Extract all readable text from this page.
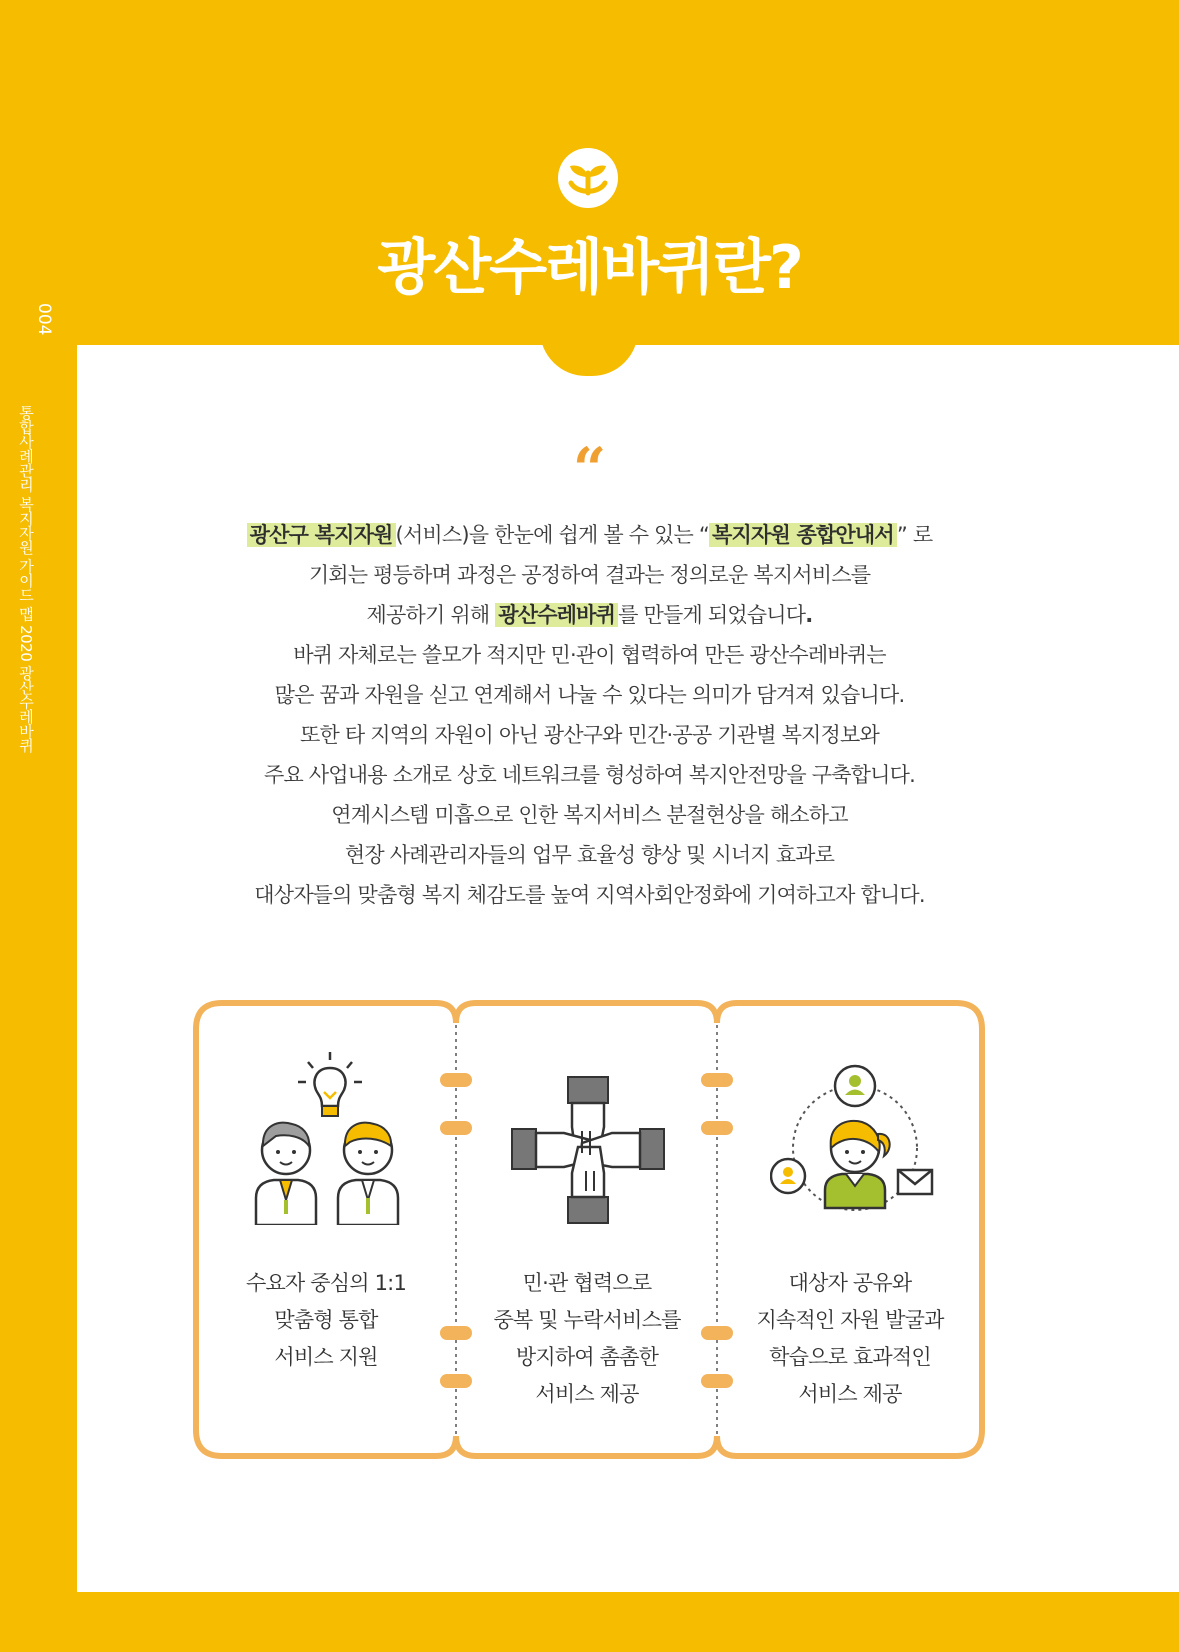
광산수레바퀴란?
004
통합사례관리 복지자원 가이드 맵 2020 광산수레바퀴	“
광산구 복지자원 (서비스)을 한눈에 쉽게 볼 수 있는 “ 복지자원 종합안내서 ” 로
기회는 평등하며 과정은 공정하여 결과는 정의로운 복지서비스를
제공하기 위해 광산수레바퀴 를 만들게 되었습니다.
바퀴 자체로는 쓸모가 적지만 민·관이 협력하여 만든 광산수레바퀴는
많은 꿈과 자원을 싣고 연계해서 나눌 수 있다는 의미가 담겨져 있습니다.
또한 타 지역의 자원이 아닌 광산구와 민간·공공 기관별 복지정보와
주요 사업내용 소개로 상호 네트워크를 형성하여 복지안전망을 구축합니다.
연계시스템 미흡으로 인한 복지서비스 분절현상을 해소하고
현장 사례관리자들의 업무 효율성 향상 및 시너지 효과로
대상자들의 맞춤형 복지 체감도를 높여 지역사회안정화에 기여하고자 합니다.
수요자 중심의 1:1
맞춤형 통합
서비스 지원
민·관 협력으로
중복 및 누락서비스를
방지하여 촘촘한
서비스 제공
대상자 공유와
지속적인 자원 발굴과
학습으로 효과적인
서비스 제공
